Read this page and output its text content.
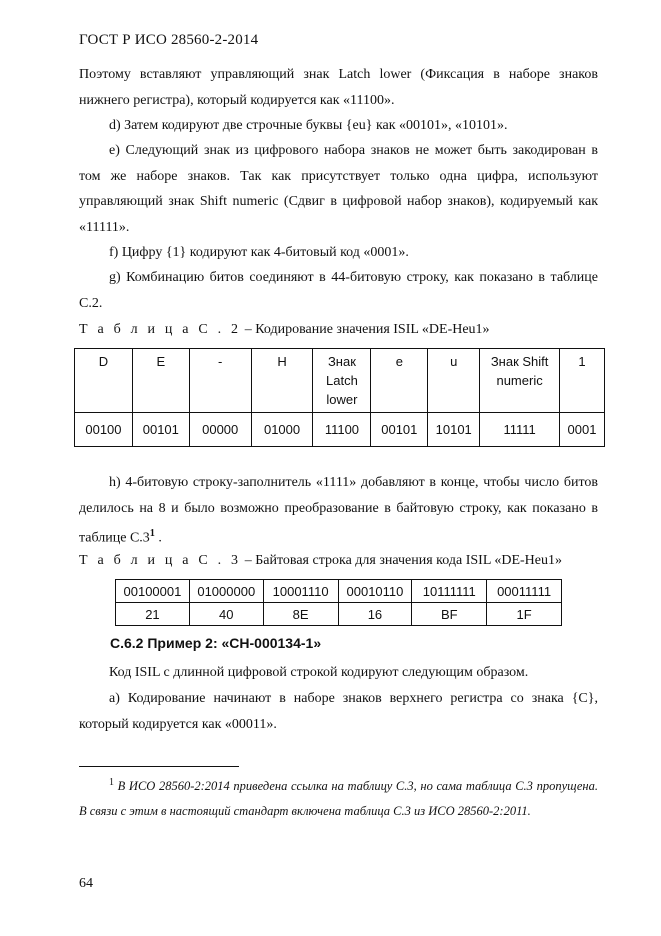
ГОСТ Р ИСО 28560-2-2014
Поэтому вставляют управляющий знак Latch lower (Фиксация в наборе знаков нижнего регистра), который кодируется как «11100».
d) Затем кодируют две строчные буквы {eu} как «00101», «10101».
e) Следующий знак из цифрового набора знаков не может быть закодирован в том же наборе знаков. Так как присутствует только одна цифра, используют управляющий знак Shift numeric (Сдвиг в цифровой набор знаков), кодируемый как «11111».
f) Цифру {1} кодируют как 4-битовый код «0001».
g) Комбинацию битов соединяют в 44-битовую строку, как показано в таблице С.2.
Т а б л и ц а С . 2 – Кодирование значения ISIL «DE-Heu1»
D	E	-	H	Знак Latch lower	e	u	Знак Shift numeric	1
00100	00101	00000	01000	11100	00101	10101	11111	0001
h) 4-битовую строку-заполнитель «1111» добавляют в конце, чтобы число битов делилось на 8 и было возможно преобразование в байтовую строку, как показано в таблице $С.3^1$ .
Т а б л и ц а С . 3 – Байтовая строка для значения кода ISIL «DE-Heu1»
00100001	01000000	10001110	00010110	10111111	00011111
21	40	8E	16	BF	1F
С.6.2 Пример 2: «CH-000134-1»
Код ISIL с длинной цифровой строкой кодируют следующим образом.
a) Кодирование начинают в наборе знаков верхнего регистра со знака {C}, который кодируется как «00011».
$^1$ В ИСО 28560-2:2014 приведена ссылка на таблицу С.3, но сама таблица С.3 пропущена. В связи с этим в настоящий стандарт включена таблица С.3 из ИСО 28560-2:2011.
64
